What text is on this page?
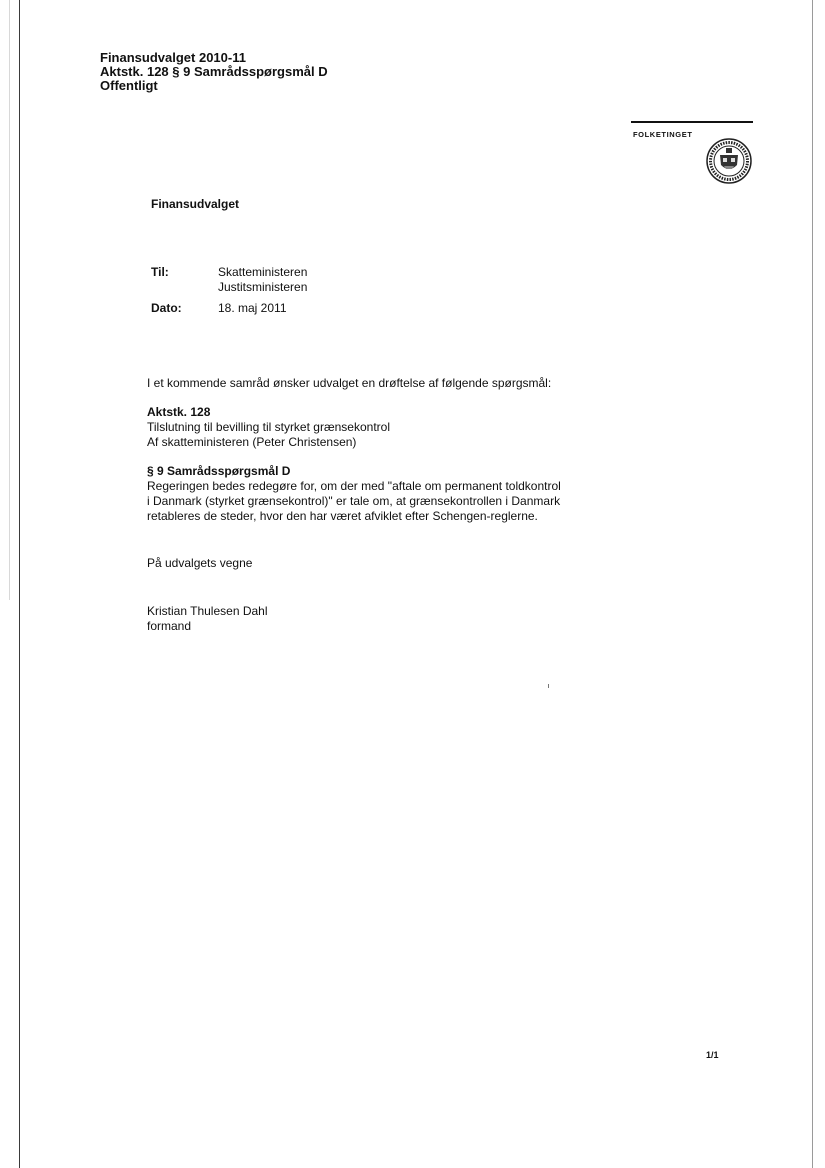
Finansudvalget 2010-11
Aktstk. 128 § 9 Samrådsspørgsmål D
Offentligt
FOLKETINGET
Finansudvalget
Til:	Skatteministeren
Justitsministeren
Dato:	18. maj 2011
I et kommende samråd ønsker udvalget en drøftelse af følgende spørgsmål:
Aktstk. 128
Tilslutning til bevilling til styrket grænsekontrol
Af skatteministeren (Peter Christensen)
§ 9 Samrådsspørgsmål D
Regeringen bedes redegøre for, om der med "aftale om permanent toldkontrol
i Danmark (styrket grænsekontrol)" er tale om, at grænsekontrollen i Danmark
retableres de steder, hvor den har været afviklet efter Schengen-reglerne.
På udvalgets vegne
Kristian Thulesen Dahl
formand
1/1
